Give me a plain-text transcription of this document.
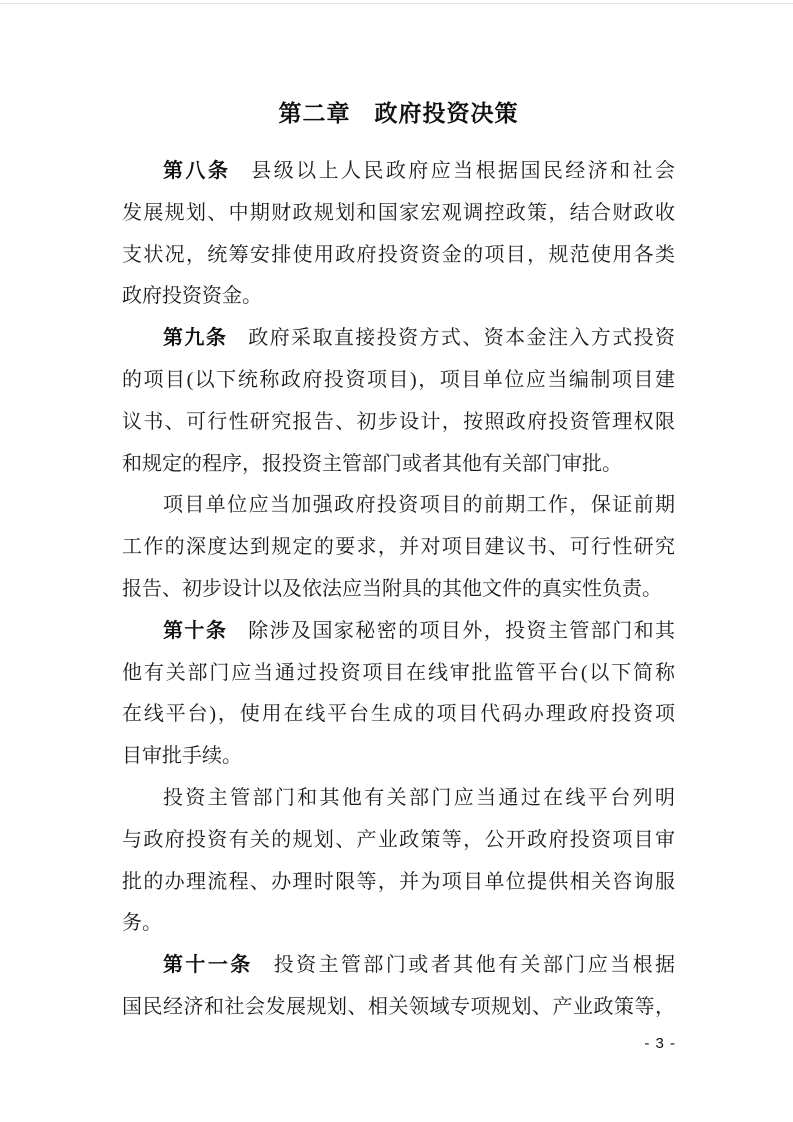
第二章　政府投资决策
第八条 县级以上人民政府应当根据国民经济和社会
发展规划、中期财政规划和国家宏观调控政策，结合财政收
支状况，统筹安排使用政府投资资金的项目，规范使用各类
政府投资资金。
第九条 政府采取直接投资方式、资本金注入方式投资
的项目(以下统称政府投资项目)，项目单位应当编制项目建
议书、可行性研究报告、初步设计，按照政府投资管理权限
和规定的程序，报投资主管部门或者其他有关部门审批。
项目单位应当加强政府投资项目的前期工作，保证前期
工作的深度达到规定的要求，并对项目建议书、可行性研究
报告、初步设计以及依法应当附具的其他文件的真实性负责。
第十条 除涉及国家秘密的项目外，投资主管部门和其
他有关部门应当通过投资项目在线审批监管平台(以下简称
在线平台)，使用在线平台生成的项目代码办理政府投资项
目审批手续。
投资主管部门和其他有关部门应当通过在线平台列明
与政府投资有关的规划、产业政策等，公开政府投资项目审
批的办理流程、办理时限等，并为项目单位提供相关咨询服
务。
第十一条 投资主管部门或者其他有关部门应当根据
国民经济和社会发展规划、相关领域专项规划、产业政策等，
- 3 -
